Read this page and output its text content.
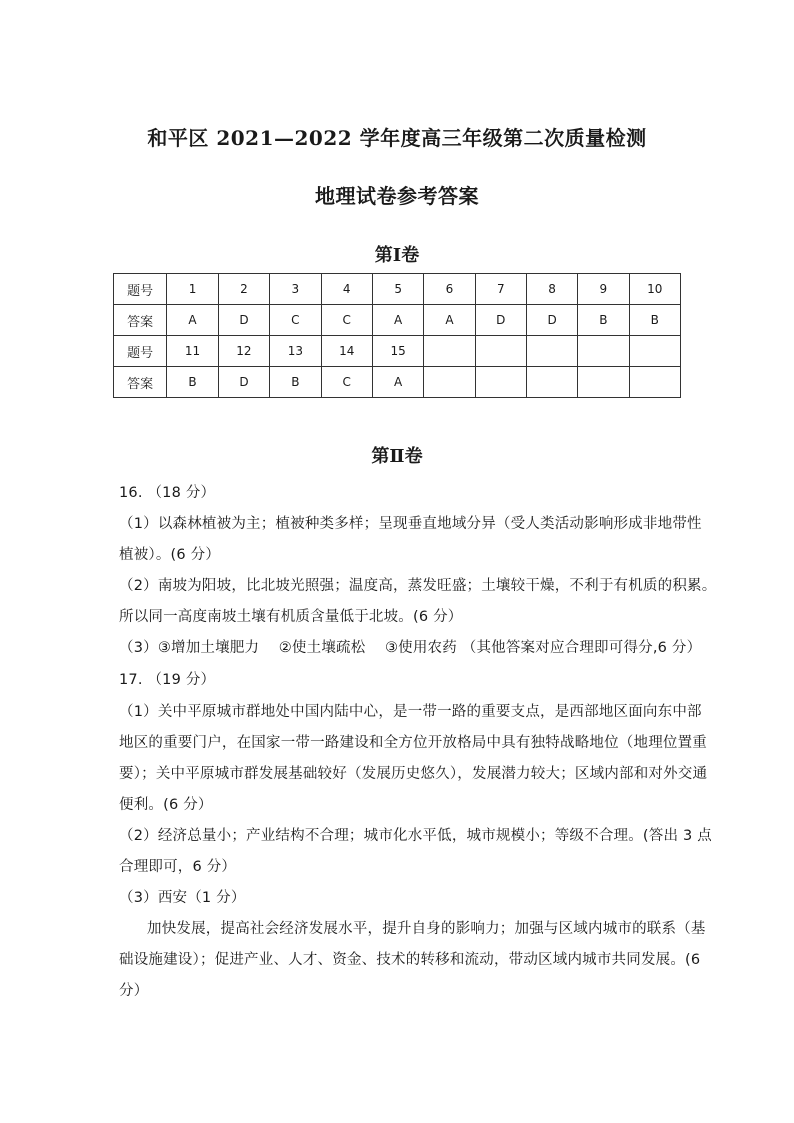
和平区 2021—2022 学年度高三年级第二次质量检测
地理试卷参考答案
第Ⅰ卷
题号	1	2	3	4	5	6	7	8	9	10
答案	A	D	C	C	A	A	D	D	B	B
题号	11	12	13	14	15					
答案	B	D	B	C	A					
第Ⅱ卷
16. （18 分）
（1）以森林植被为主；植被种类多样；呈现垂直地域分异（受人类活动影响形成非地带性
植被）。(6 分）
（2）南坡为阳坡，比北坡光照强；温度高，蒸发旺盛；土壤较干燥，不利于有机质的积累。
所以同一高度南坡土壤有机质含量低于北坡。(6 分）
（3）③增加土壤肥力　 ②使土壤疏松　 ③使用农药 （其他答案对应合理即可得分,6 分）
17. （19 分）
（1）关中平原城市群地处中国内陆中心，是一带一路的重要支点，是西部地区面向东中部
地区的重要门户，在国家一带一路建设和全方位开放格局中具有独特战略地位（地理位置重
要）；关中平原城市群发展基础较好（发展历史悠久），发展潜力较大；区域内部和对外交通
便利。(6 分）
（2）经济总量小；产业结构不合理；城市化水平低，城市规模小；等级不合理。(答出 3 点
合理即可，6 分）
（3）西安（1 分）
加快发展，提高社会经济发展水平，提升自身的影响力；加强与区域内城市的联系（基
础设施建设）；促进产业、人才、资金、技术的转移和流动，带动区域内城市共同发展。(6
分）
